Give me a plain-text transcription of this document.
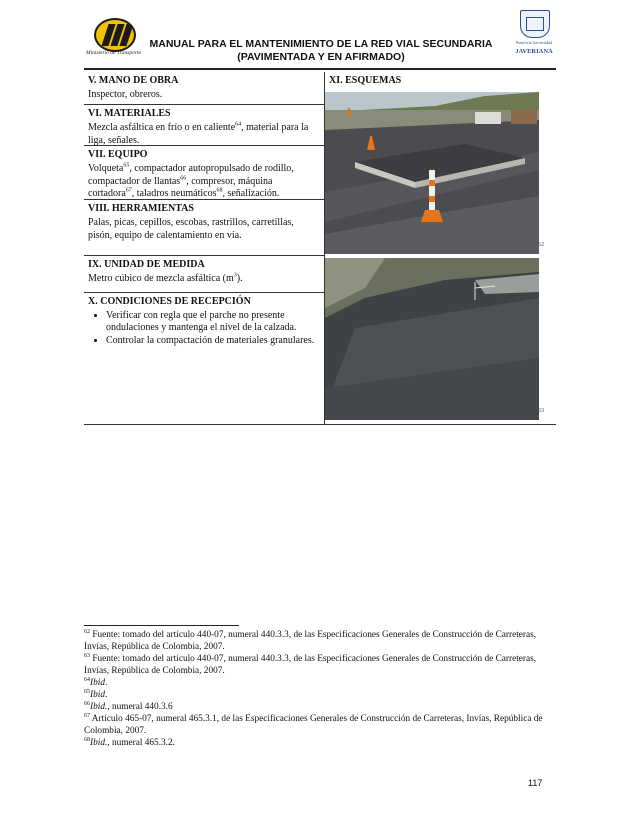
Ministerio de Transporte
MANUAL PARA EL MANTENIMIENTO DE LA RED VIAL SECUNDARIA
(PAVIMENTADA Y EN AFIRMADO)
Pontificia Universidad
JAVERIANA
V. MANO DE OBRA

Inspector, obreros.

VI. MATERIALES

Mezcla asfáltica en frío o en caliente$^{64}$, material para la liga, señales.

VII. EQUIPO

Volqueta$^{65}$, compactador autopropulsado de rodillo, compactador de llantas$^{66}$, compresor, máquina cortadora$^{67}$, taladros neumáticos$^{68}$, señalización.

VIII. HERRAMIENTAS

Palas, picas, cepillos, escobas, rastrillos, carretillas, pisón, equipo de calentamiento en vía.

IX. UNIDAD DE MEDIDA

Metro cúbico de mezcla asfáltica $(m^3)$.

X. CONDICIONES DE RECEPCIÓN
• Verificar con regla que el parche no presente ondulaciones y mantenga el nivel de la calzada.
• Controlar la compactación de materiales granulares.
XI. ESQUEMAS
62
63

$^{62}$ Fuente: tomado del artículo 440-07, numeral 440.3.3, de las Especificaciones Generales de Construcción de Carreteras, Invías, República de Colombia, 2007.

$^{63}$ Fuente: tomado del artículo 440-07, numeral 440.3.3, de las Especificaciones Generales de Construcción de Carreteras, Invías, República de Colombia, 2007.

$^{64}$Ibid.

$^{65}$Ibid.

$^{66}$Ibid., numeral 440.3.6

$^{67}$ Artículo 465-07, numeral 465.3.1, de las Especificaciones Generales de Construcción de Carreteras, Invías, República de Colombia, 2007.

$^{68}$Ibid., numeral 465.3.2.

117
